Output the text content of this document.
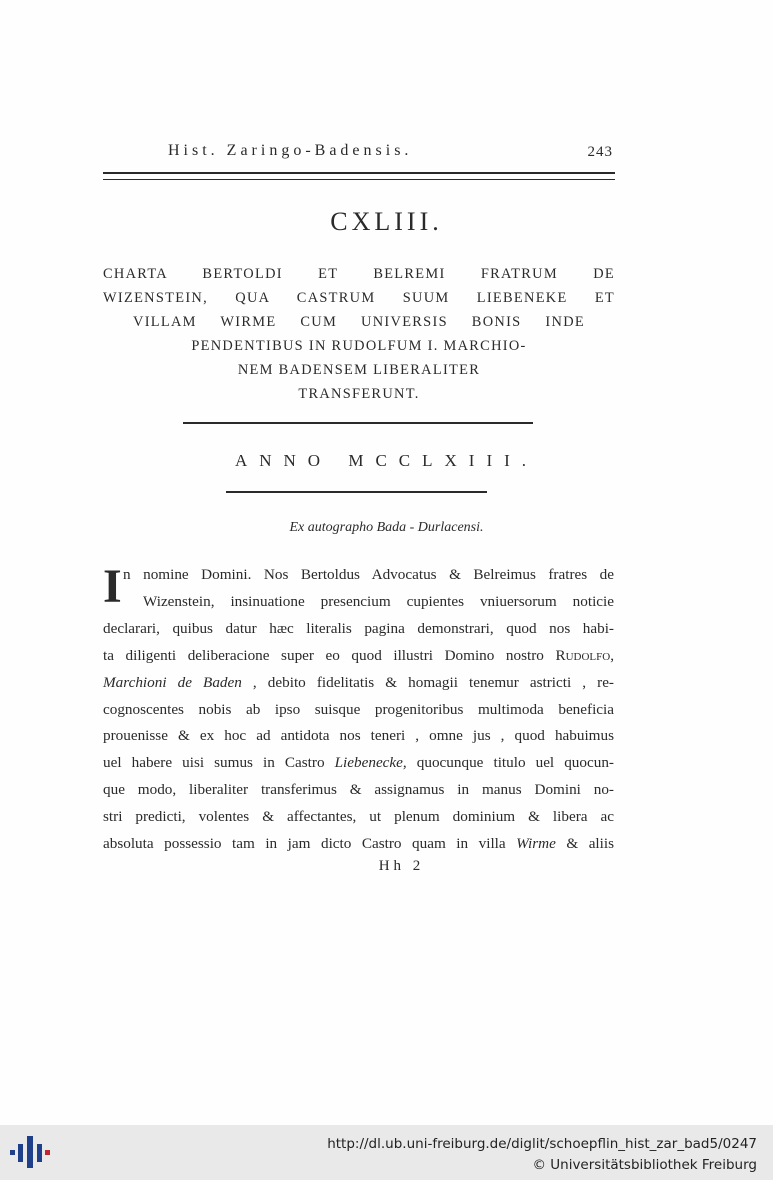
Hist. Zaringo-Badensis.	243
CXLIII.
CHARTA BERTOLDI ET BELREMI FRATRUM DE
WIZENSTEIN, QUA CASTRUM SUUM LIEBENEKE ET
VILLAM WIRME CUM UNIVERSIS BONIS INDE
PENDENTIBUS IN RUDOLFUM I. MARCHIO-
NEM BADENSEM LIBERALITER
TRANSFERUNT.
ANNO MCCLXIII.
Ex autographo Bada - Durlacensi.
I n nomine Domini. Nos Bertoldus Advocatus & Belreimus fratres de
Wizenstein, insinuatione presencium cupientes vniuersorum noticie
declarari, quibus datur hæc literalis pagina demonstrari, quod nos habi-
ta diligenti deliberacione super eo quod illustri Domino nostro Rudolfo,
Marchioni de Baden , debito fidelitatis & homagii tenemur astricti , re-
cognoscentes nobis ab ipso suisque progenitoribus multimoda beneficia
prouenisse & ex hoc ad antidota nos teneri , omne jus , quod habuimus
uel habere uisi sumus in Castro Liebenecke, quocunque titulo uel quocun-
que modo, liberaliter transferimus & assignamus in manus Domini no-
stri predicti, volentes & affectantes, ut plenum dominium & libera ac
absoluta possessio tam in jam dicto Castro quam in villa Wirme & aliis
Hh 2
http://dl.ub.uni-freiburg.de/diglit/schoepflin_hist_zar_bad5/0247
© Universitätsbibliothek Freiburg
